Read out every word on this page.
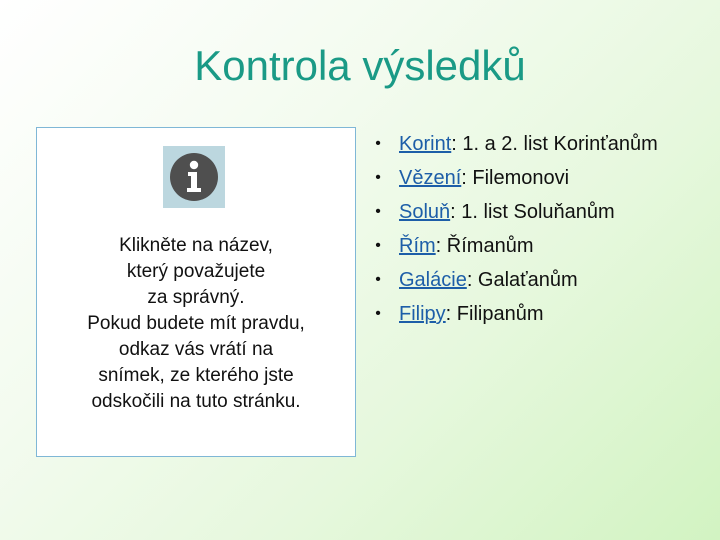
Kontrola výsledků
Klikněte na název,
který považujete
za správný.
Pokud budete mít pravdu,
odkaz vás vrátí na
snímek, ze kterého jste
odskočili na tuto stránku.
• Korint: 1. a 2. list Korinťanům
• Vězení: Filemonovi
• Soluň: 1. list Soluňanům
• Řím: Římanům
• Galácie: Galaťanům
• Filipy: Filipanům
